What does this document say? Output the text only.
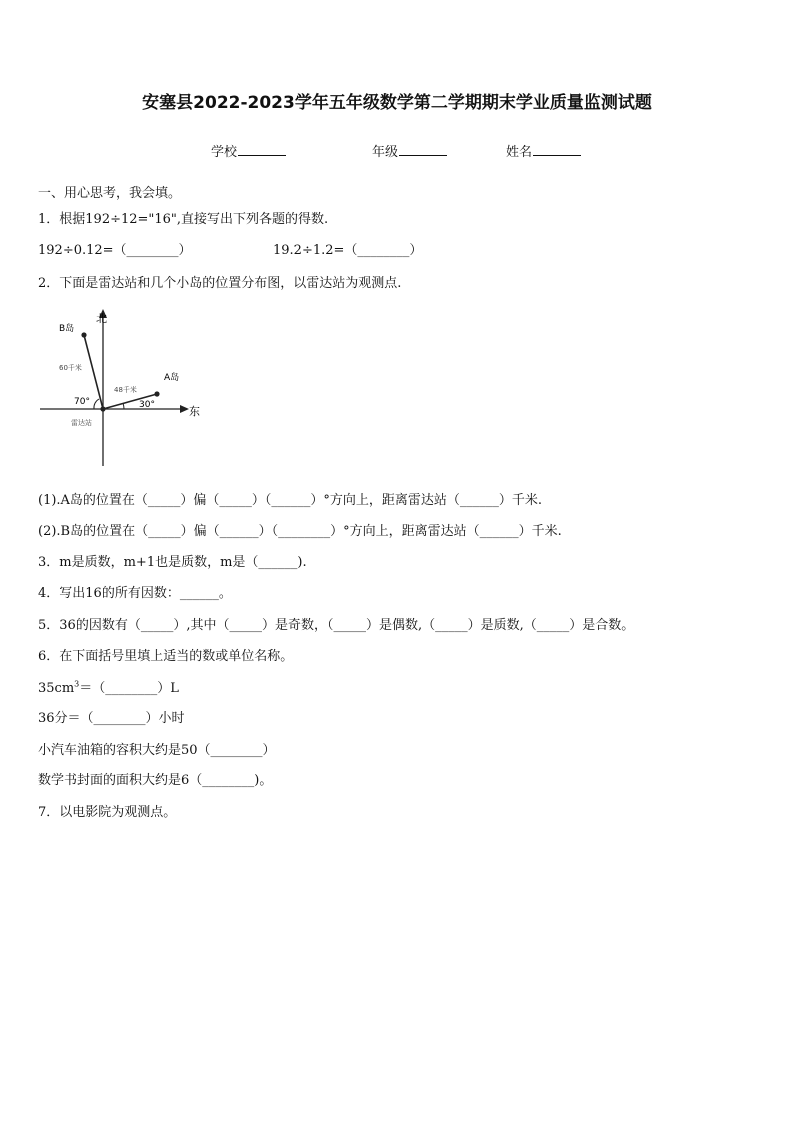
安塞县2022-2023学年五年级数学第二学期期末学业质量监测试题
学校	年级	姓名
一、用心思考，我会填。
1．根据192÷12="16",直接写出下列各题的得数.
192÷0.12=（________）	19.2÷1.2=（________）
2．下面是雷达站和几个小岛的位置分布图，以雷达站为观测点.
北
东
B岛
A岛
60千米
48千米
70°	30°
雷达站
(1).A岛的位置在（_____）偏（_____）（______）°方向上，距离雷达站（______）千米.
(2).B岛的位置在（_____）偏（______）（________）°方向上，距离雷达站（______）千米.
3．m是质数，m+1也是质数，m是（______).
4．写出16的所有因数：______。
5．36的因数有（_____）,其中（_____）是奇数，（_____）是偶数,（_____）是质数,（_____）是合数。
6．在下面括号里填上适当的数或单位名称。
$35cm^3=(\_\_\_\_\_\_\_\_)L$
36分＝（________）小时
小汽车油箱的容积大约是50（________）
数学书封面的面积大约是6（________)。
7．以电影院为观测点。
